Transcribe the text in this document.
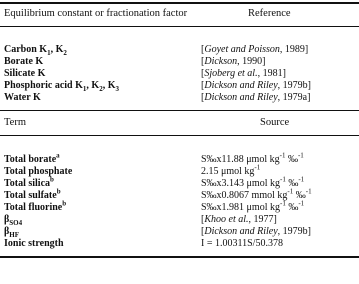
Equilibrium constant or fractionation factor	Reference
Carbon $K_1$, $K_2$	[Goyet and Poisson, 1989]
Borate K	[Dickson, 1990]
Silicate K	[Sjoberg et al., 1981]
Phosphoric acid $K_1$, $K_2$, $K_3$	[Dickson and Riley, 1979b]
Water K	[Dickson and Riley, 1979a]
Term	Source
Total borate$^a$	S‰x11.88 μmol $kg^{-1}$ ‰$^{-1}$
Total phosphate	2.15 μmol $kg^{-1}$
Total silica$^b$	S‰x3.143 μmol $kg^{-1}$ ‰$^{-1}$
Total sulfate$^b$	S‰x0.8067 mmol $kg^{-1}$ ‰$^{-1}$
Total fluorine$^b$	S‰x1.981 μmol $kg^{-1}$ ‰$^{-1}$
$\beta_{SO4}$	[Khoo et al., 1977]
$\beta_{HF}$	[Dickson and Riley, 1979b]
Ionic strength	I = 1.00311S/50.378
